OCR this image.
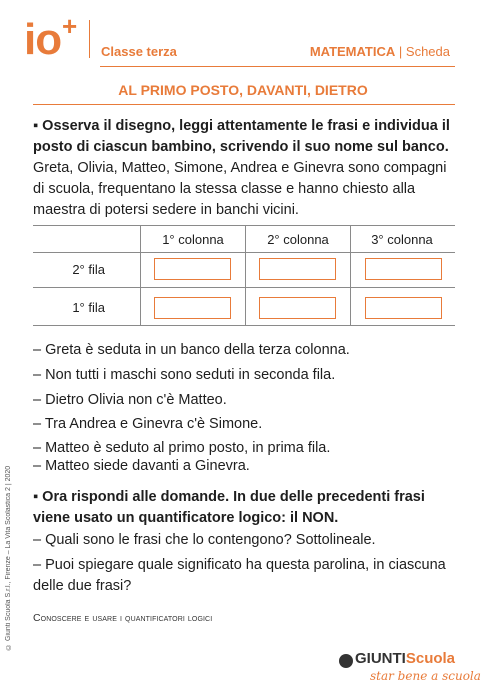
io +
Classe terza	MATEMATICA | Scheda
AL PRIMO POSTO, DAVANTI, DIETRO
▪ Osserva il disegno, leggi attentamente le frasi e individua il posto di ciascun bambino, scrivendo il suo nome sul banco.
Greta, Olivia, Matteo, Simone, Andrea e Ginevra sono compagni di scuola, frequentano la stessa classe e hanno chiesto alla maestra di potersi sedere in banchi vicini.
1° colonna	2° colonna	3° colonna
2° fila
1° fila
– Greta è seduta in un banco della terza colonna.
– Non tutti i maschi sono seduti in seconda fila.
– Dietro Olivia non c'è Matteo.
– Tra Andrea e Ginevra c'è Simone.
– Matteo è seduto al primo posto, in prima fila.
– Matteo siede davanti a Ginevra.
▪ Ora rispondi alle domande. In due delle precedenti frasi viene usato un quantificatore logico: il NON.
– Quali sono le frasi che lo contengono? Sottolineale.
– Puoi spiegare quale significato ha questa parolina, in ciascuna delle due frasi?
Conoscere e usare i quantificatori logici
© Giunti Scuola S.r.l., Firenze – La Vita Scolastica 2 | 2020
GIUNTIScuola
star bene a scuola
